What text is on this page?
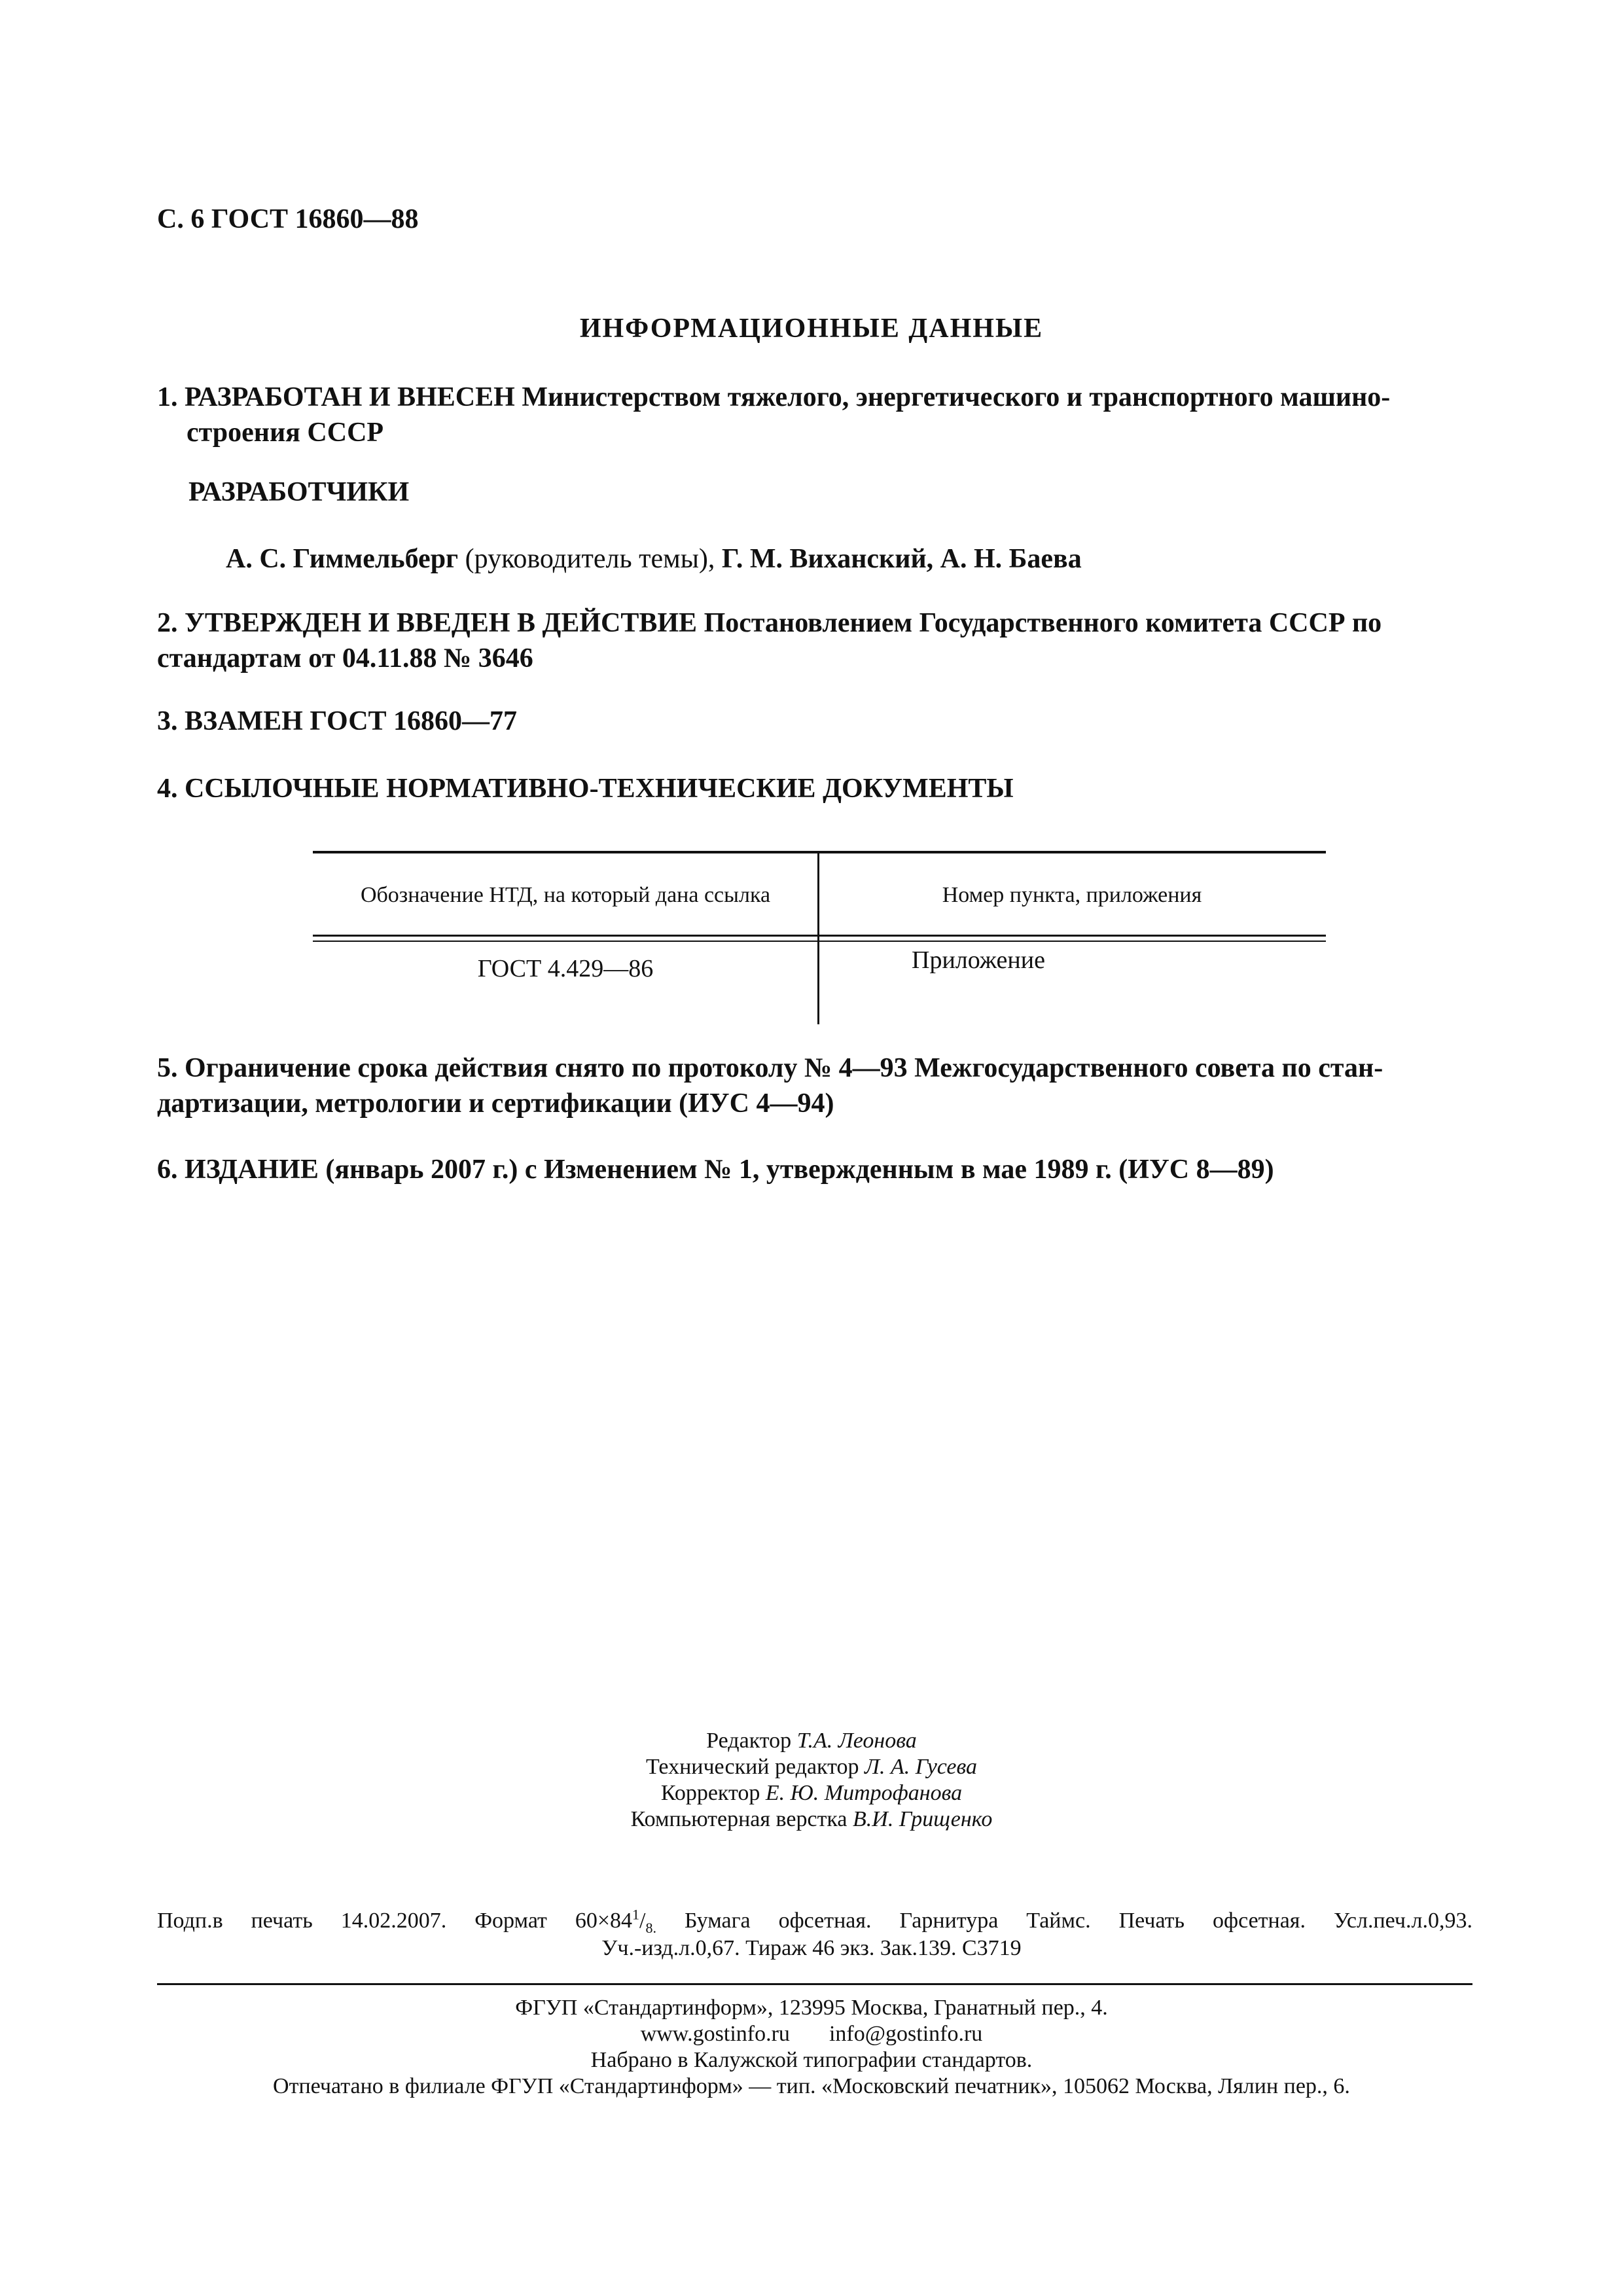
С. 6 ГОСТ 16860—88
ИНФОРМАЦИОННЫЕ ДАННЫЕ
1. РАЗРАБОТАН И ВНЕСЕН Министерством тяжелого, энергетического и транспортного машино-
строения СССР
РАЗРАБОТЧИКИ
А. С. Гиммельберг (руководитель темы), Г. М. Виханский, А. Н. Баева
2. УТВЕРЖДЕН И ВВЕДЕН В ДЕЙСТВИЕ Постановлением Государственного комитета СССР по
стандартам от 04.11.88 № 3646
3. ВЗАМЕН ГОСТ 16860—77
4. ССЫЛОЧНЫЕ НОРМАТИВНО-ТЕХНИЧЕСКИЕ ДОКУМЕНТЫ
Обозначение НТД, на который дана ссылка	Номер пункта, приложения
ГОСТ 4.429—86	Приложение
5. Ограничение срока действия снято по протоколу № 4—93 Межгосударственного совета по стан-
дартизации, метрологии и сертификации (ИУС 4—94)
6. ИЗДАНИЕ (январь 2007 г.) с Изменением № 1, утвержденным в мае 1989 г. (ИУС 8—89)
Редактор Т.А. Леонова
Технический редактор Л. А. Гусева
Корректор Е. Ю. Митрофанова
Компьютерная верстка В.И. Грищенко
Подп.в печать 14.02.2007. Формат $60\times 84^1/_{8.}$ Бумага офсетная. Гарнитура Таймс. Печать офсетная. Усл.печ.л.0,93.
Уч.-изд.л.0,67. Тираж 46 экз. Зак.139. С3719
ФГУП «Стандартинформ», 123995 Москва, Гранатный пер., 4.
www.gostinfo.ru info@gostinfo.ru
Набрано в Калужской типографии стандартов.
Отпечатано в филиале ФГУП «Стандартинформ» — тип. «Московский печатник», 105062 Москва, Лялин пер., 6.
